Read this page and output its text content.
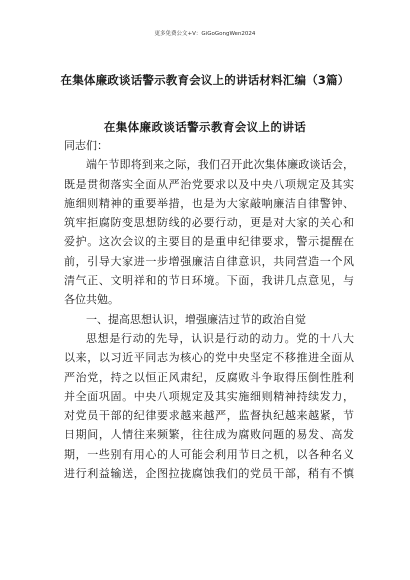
更多免费公文+V：GiGoGongWen2024
在集体廉政谈话警示教育会议上的讲话材料汇编（3篇）
在集体廉政谈话警示教育会议上的讲话
同志们：
端午节即将到来之际，我们召开此次集体廉政谈话会，
既是贯彻落实全面从严治党要求以及中央八项规定及其实
施细则精神的重要举措，也是为大家敲响廉洁自律警钟、
筑牢拒腐防变思想防线的必要行动，更是对大家的关心和
爱护。这次会议的主要目的是重申纪律要求，警示提醒在
前，引导大家进一步增强廉洁自律意识，共同营造一个风
清气正、文明祥和的节日环境。下面，我讲几点意见，与
各位共勉。
一、提高思想认识，增强廉洁过节的政治自觉
思想是行动的先导，认识是行动的动力。党的十八大
以来，以习近平同志为核心的党中央坚定不移推进全面从
严治党，持之以恒正风肃纪，反腐败斗争取得压倒性胜利
并全面巩固。中央八项规定及其实施细则精神持续发力，
对党员干部的纪律要求越来越严，监督执纪越来越紧，节
日期间，人情往来频繁，往往成为腐败问题的易发、高发
期，一些别有用心的人可能会利用节日之机，以各种名义
进行利益输送，企图拉拢腐蚀我们的党员干部，稍有不慎
